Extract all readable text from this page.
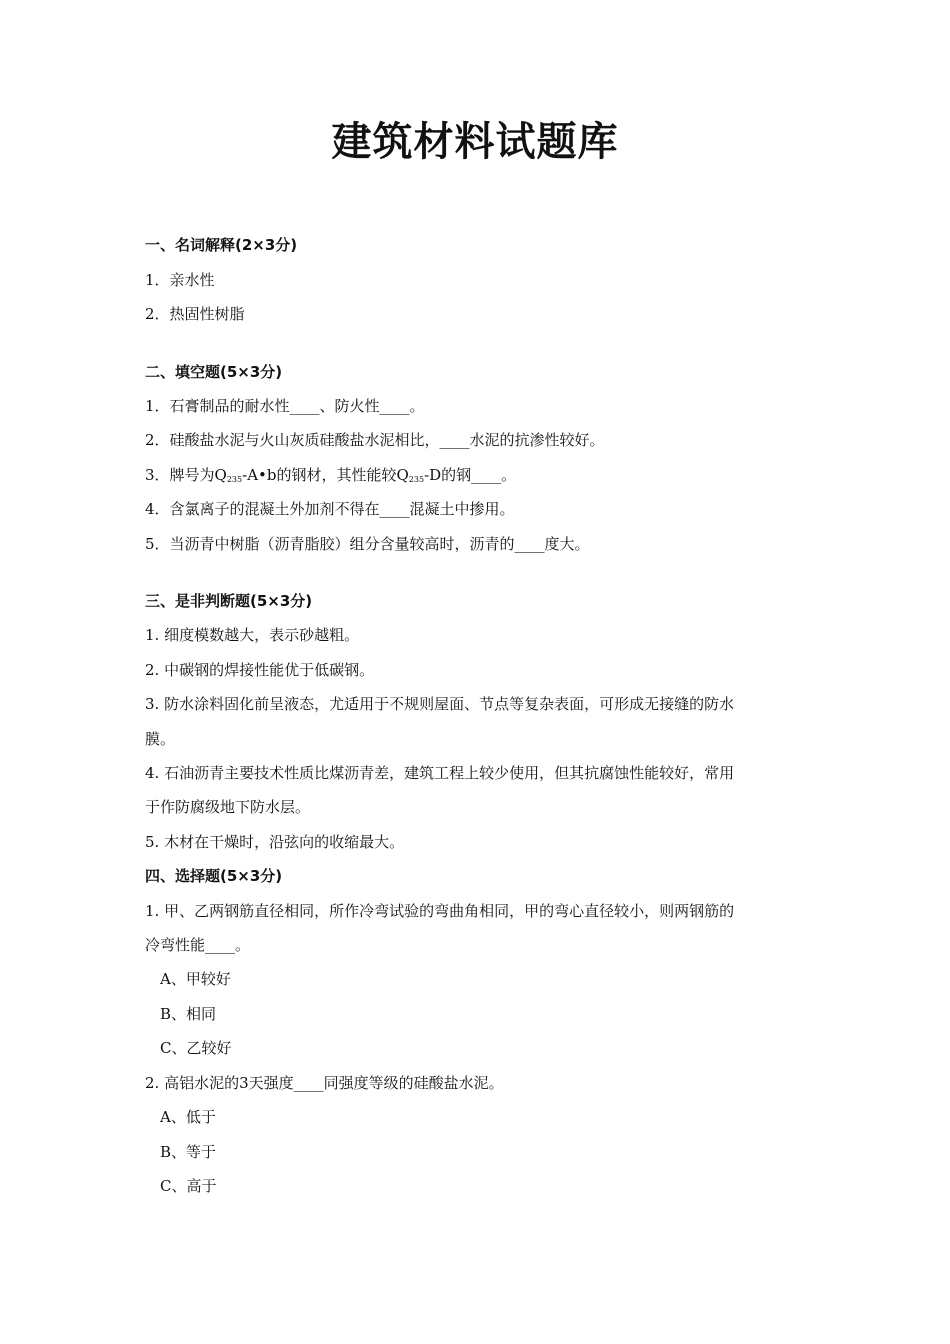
建筑材料试题库
一、名词解释(2×3分)
1．亲水性
2．热固性树脂
二、填空题(5×3分)
1．石膏制品的耐水性____、防火性____。
2．硅酸盐水泥与火山灰质硅酸盐水泥相比，____水泥的抗渗性较好。
3．牌号为$Q_{235}-A•b$的钢材，其性能较$Q_{235}-D$的钢____。
4．含氯离子的混凝土外加剂不得在____混凝土中掺用。
5．当沥青中树脂（沥青脂胶）组分含量较高时，沥青的____度大。
三、是非判断题(5×3分)
1. 细度模数越大，表示砂越粗。
2. 中碳钢的焊接性能优于低碳钢。
3. 防水涂料固化前呈液态，尤适用于不规则屋面、节点等复杂表面，可形成无接缝的防水
膜。
4. 石油沥青主要技术性质比煤沥青差，建筑工程上较少使用，但其抗腐蚀性能较好，常用
于作防腐级地下防水层。
5. 木材在干燥时，沿弦向的收缩最大。
四、选择题(5×3分)
1. 甲、乙两钢筋直径相同，所作冷弯试验的弯曲角相同，甲的弯心直径较小，则两钢筋的
冷弯性能____。
A、甲较好
B、相同
C、乙较好
2. 高铝水泥的3天强度____同强度等级的硅酸盐水泥。
A、低于
B、等于
C、高于
